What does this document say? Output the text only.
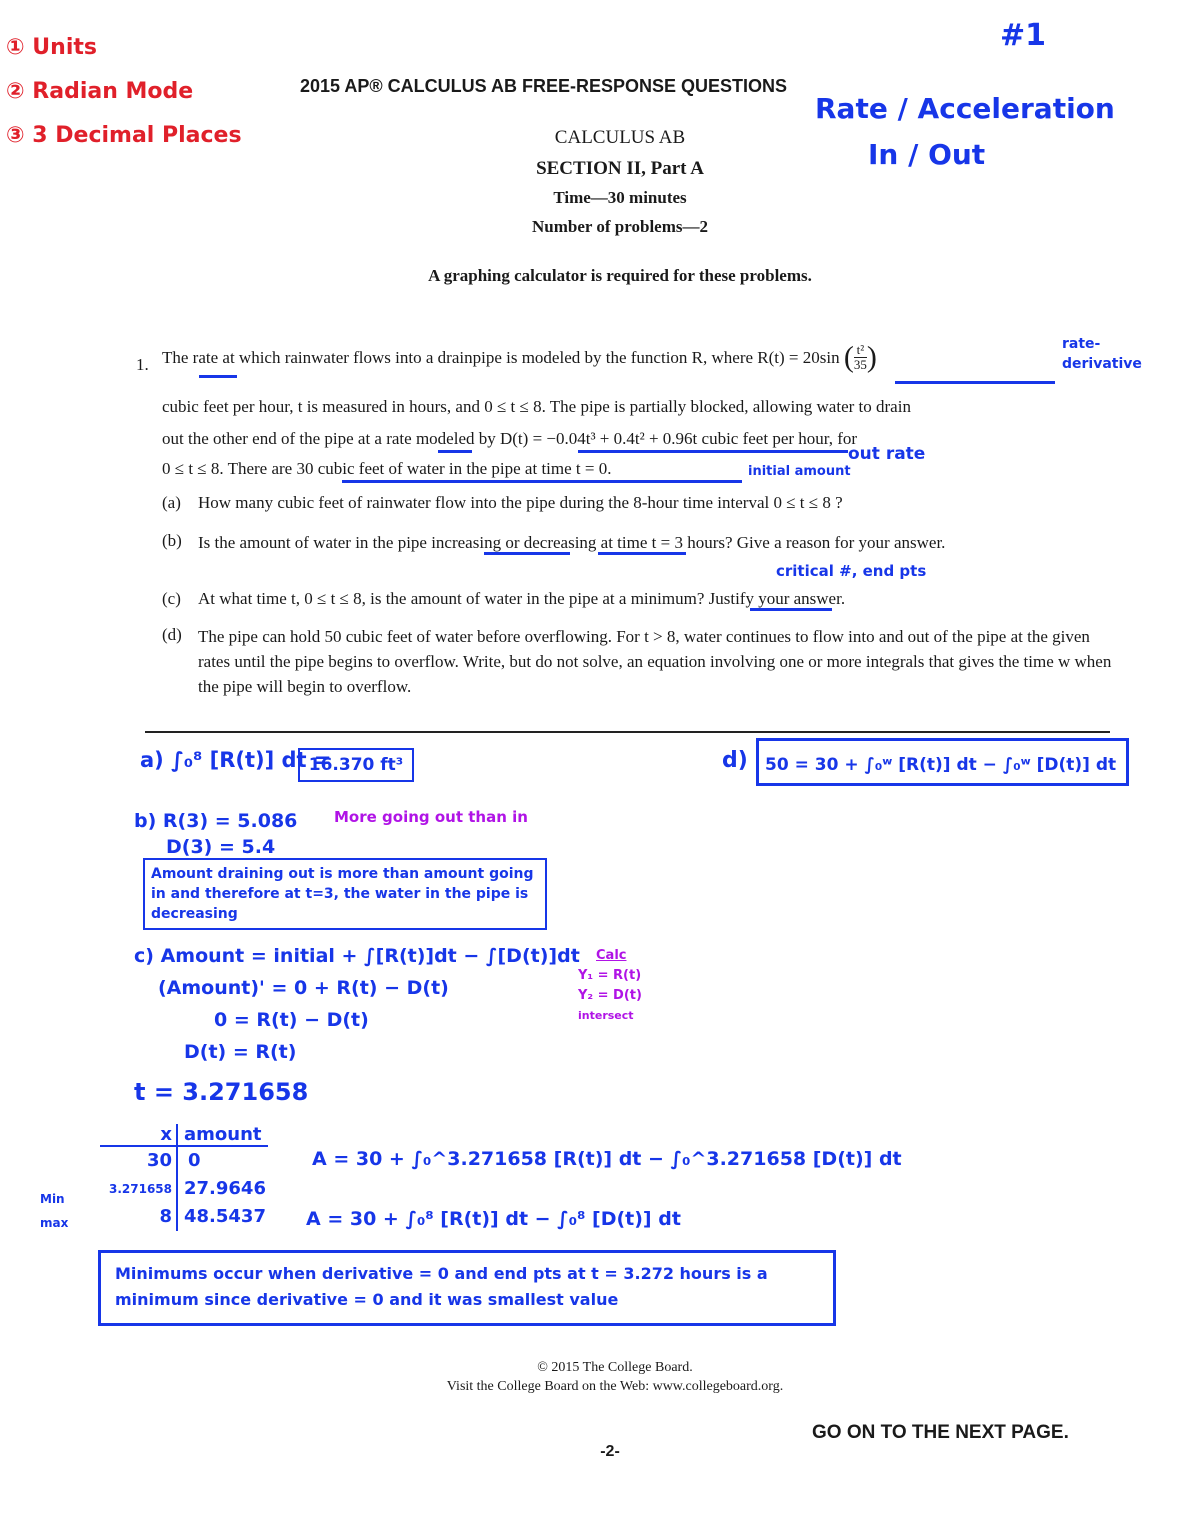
① Units
② Radian Mode
③ 3 Decimal Places
#1
Rate / Acceleration
In / Out
2015 AP® CALCULUS AB FREE-RESPONSE QUESTIONS
CALCULUS AB
SECTION II, Part A
Time—30 minutes
Number of problems—2
A graphing calculator is required for these problems.
1. The rate at which rainwater flows into a drainpipe is modeled by the function R, where R(t) = 20sin ( $\frac{\text{t²}}{35}$ )	rate-derivative
cubic feet per hour, t is measured in hours, and 0 ≤ t ≤ 8. The pipe is partially blocked, allowing water to drain
out the other end of the pipe at a rate modeled by D(t) = −0.04t³ + 0.4t² + 0.96t cubic feet per hour, for
0 ≤ t ≤ 8. There are 30 cubic feet of water in the pipe at time t = 0.
out rate
initial amount
(a) How many cubic feet of rainwater flow into the pipe during the 8-hour time interval 0 ≤ t ≤ 8 ?
(b) Is the amount of water in the pipe increasing or decreasing at time t = 3 hours? Give a reason for your answer.
critical #, end pts
(c) At what time t, 0 ≤ t ≤ 8, is the amount of water in the pipe at a minimum? Justify your answer.
(d) The pipe can hold 50 cubic feet of water before overflowing. For t > 8, water continues to flow into and out of the pipe at the given rates until the pipe begins to overflow. Write, but do not solve, an equation involving one or more integrals that gives the time w when the pipe will begin to overflow.
a) ∫₀⁸ [R(t)] dt =
16.370 ft³	50 = 30 + ∫₀ʷ [R(t)] dt − ∫₀ʷ [D(t)] dt
d)
b) R(3) = 5.086
D(3) = 5.4
More going out than in
Amount draining out is more than amount going in and therefore at t=3, the water in the pipe is decreasing
c) Amount = initial + ∫[R(t)]dt − ∫[D(t)]dt
(Amount)' = 0 + R(t) − D(t)
0 = R(t) − D(t)
D(t) = R(t)
t = 3.271658
Calc
Y₁ = R(t)
Y₂ = D(t)
intersect
x amount
30 0
3.271658 27.9646
8 48.5437
Min
max
A = 30 + ∫₀^3.271658 [R(t)] dt − ∫₀^3.271658 [D(t)] dt
A = 30 + ∫₀⁸ [R(t)] dt − ∫₀⁸ [D(t)] dt
Minimums occur when derivative = 0 and end pts at t = 3.272 hours is a minimum since derivative = 0 and it was smallest value
© 2015 The College Board.
Visit the College Board on the Web: www.collegeboard.org.
GO ON TO THE NEXT PAGE.
-2-
